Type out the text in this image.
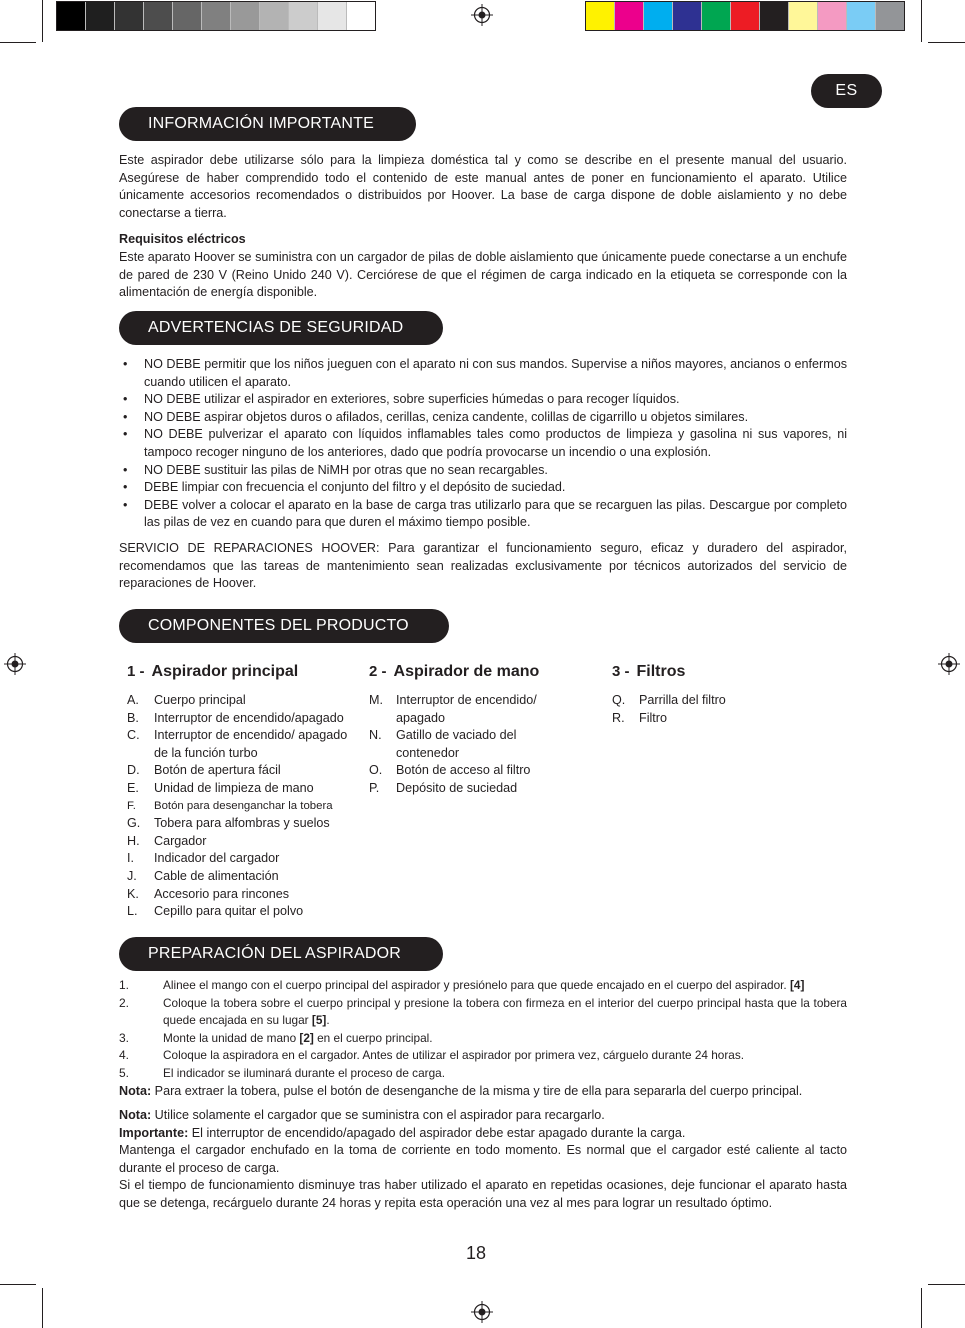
ES
INFORMACIÓN IMPORTANTE

Este aspirador debe utilizarse sólo para la limpieza doméstica tal y como se describe en el presente manual del usuario. Asegúrese de haber comprendido todo el contenido de este manual antes de poner en funcionamiento el aparato. Utilice únicamente accesorios recomendados o distribuidos por Hoover. La base de carga dispone de doble aislamiento y no debe conectarse a tierra.

Requisitos eléctricos

Este aparato Hoover se suministra con un cargador de pilas de doble aislamiento que únicamente puede conectarse a un enchufe de pared de 230 V (Reino Unido 240 V). Cerciórese de que el régimen de carga indicado en la etiqueta se corresponde con la alimentación de energía disponible.

ADVERTENCIAS DE SEGURIDAD
• NO DEBE permitir que los niños jueguen con el aparato ni con sus mandos. Supervise a niños mayores, ancianos o enfermos cuando utilicen el aparato.
• NO DEBE utilizar el aspirador en exteriores, sobre superficies húmedas o para recoger líquidos.
• NO DEBE aspirar objetos duros o afilados, cerillas, ceniza candente, colillas de cigarrillo u objetos similares.
• NO DEBE pulverizar el aparato con líquidos inflamables tales como productos de limpieza y gasolina ni sus vapores, ni tampoco recoger ninguno de los anteriores, dado que podría provocarse un incendio o una explosión.
• NO DEBE sustituir las pilas de NiMH por otras que no sean recargables.
• DEBE limpiar con frecuencia el conjunto del filtro y el depósito de suciedad.
• DEBE volver a colocar el aparato en la base de carga tras utilizarlo para que se recarguen las pilas. Descargue por completo las pilas de vez en cuando para que duren el máximo tiempo posible.

SERVICIO DE REPARACIONES HOOVER: Para garantizar el funcionamiento seguro, eficaz y duradero del aspirador, recomendamos que las tareas de mantenimiento sean realizadas exclusivamente por técnicos autorizados del servicio de reparaciones de Hoover.

COMPONENTES DEL PRODUCTO
1 - Aspirador principal
A. Cuerpo principal
B. Interruptor de encendido/apagado
C. Interruptor de encendido/ apagado de la función turbo
D. Botón de apertura fácil
E. Unidad de limpieza de mano
F. Botón para desenganchar la tobera
G. Tobera para alfombras y suelos
H. Cargador
I. Indicador del cargador
J. Cable de alimentación
K. Accesorio para rincones
L. Cepillo para quitar el polvo
2 - Aspirador de mano
M. Interruptor de encendido/ apagado
N. Gatillo de vaciado del contenedor
O. Botón de acceso al filtro
P. Depósito de suciedad
3 - Filtros
Q. Parrilla del filtro
R. Filtro
PREPARACIÓN DEL ASPIRADOR
1.	Alinee el mango con el cuerpo principal del aspirador y presiónelo para que quede encajado en el cuerpo del aspirador. [4]
2.	Coloque la tobera sobre el cuerpo principal y presione la tobera con firmeza en el interior del cuerpo principal hasta que la tobera quede encajada en su lugar [5].
3.	Monte la unidad de mano [2] en el cuerpo principal.
4.	Coloque la aspiradora en el cargador. Antes de utilizar el aspirador por primera vez, cárguelo durante 24 horas.
5.	El indicador se iluminará durante el proceso de carga.

Nota: Para extraer la tobera, pulse el botón de desenganche de la misma y tire de ella para separarla del cuerpo principal.

Nota: Utilice solamente el cargador que se suministra con el aspirador para recargarlo.
Importante: El interruptor de encendido/apagado del aspirador debe estar apagado durante la carga.
Mantenga el cargador enchufado en la toma de corriente en todo momento. Es normal que el cargador esté caliente al tacto durante el proceso de carga.
Si el tiempo de funcionamiento disminuye tras haber utilizado el aparato en repetidas ocasiones, deje funcionar el aparato hasta que se detenga, recárguelo durante 24 horas y repita esta operación una vez al mes para lograr un resultado óptimo.

18
